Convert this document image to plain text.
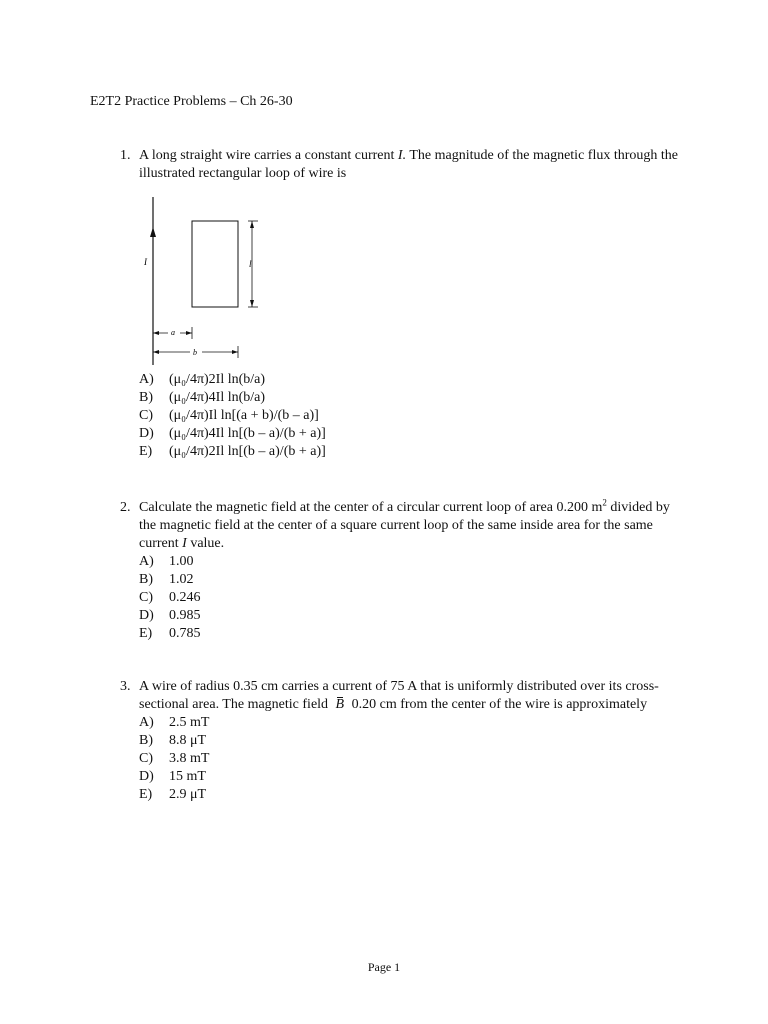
E2T2 Practice Problems – Ch 26-30
1. A long straight wire carries a constant current I. The magnitude of the magnetic flux through the illustrated rectangular loop of wire is
I	l
a
b
A)	(μ₀/4π)2Il ln(b/a)
B)	(μ₀/4π)4Il ln(b/a)
C)	(μ₀/4π)Il ln[(a + b)/(b – a)]
D)	(μ₀/4π)4Il ln[(b – a)/(b + a)]
E)	(μ₀/4π)2Il ln[(b – a)/(b + a)]
2. Calculate the magnetic field at the center of a circular current loop of area 0.200 $m^2$ divided by the magnetic field at the center of a square current loop of the same inside area for the same current I value.
A)	1.00
B)	1.02
C)	0.246
D)	0.985
E)	0.785
3. A wire of radius 0.35 cm carries a current of 75 A that is uniformly distributed over its cross-sectional area. The magnetic field B 0.20 cm from the center of the wire is approximately
A)	2.5 mT
B)	8.8 μT
C)	3.8 mT
D)	15 mT
E)	2.9 μT
Page 1
